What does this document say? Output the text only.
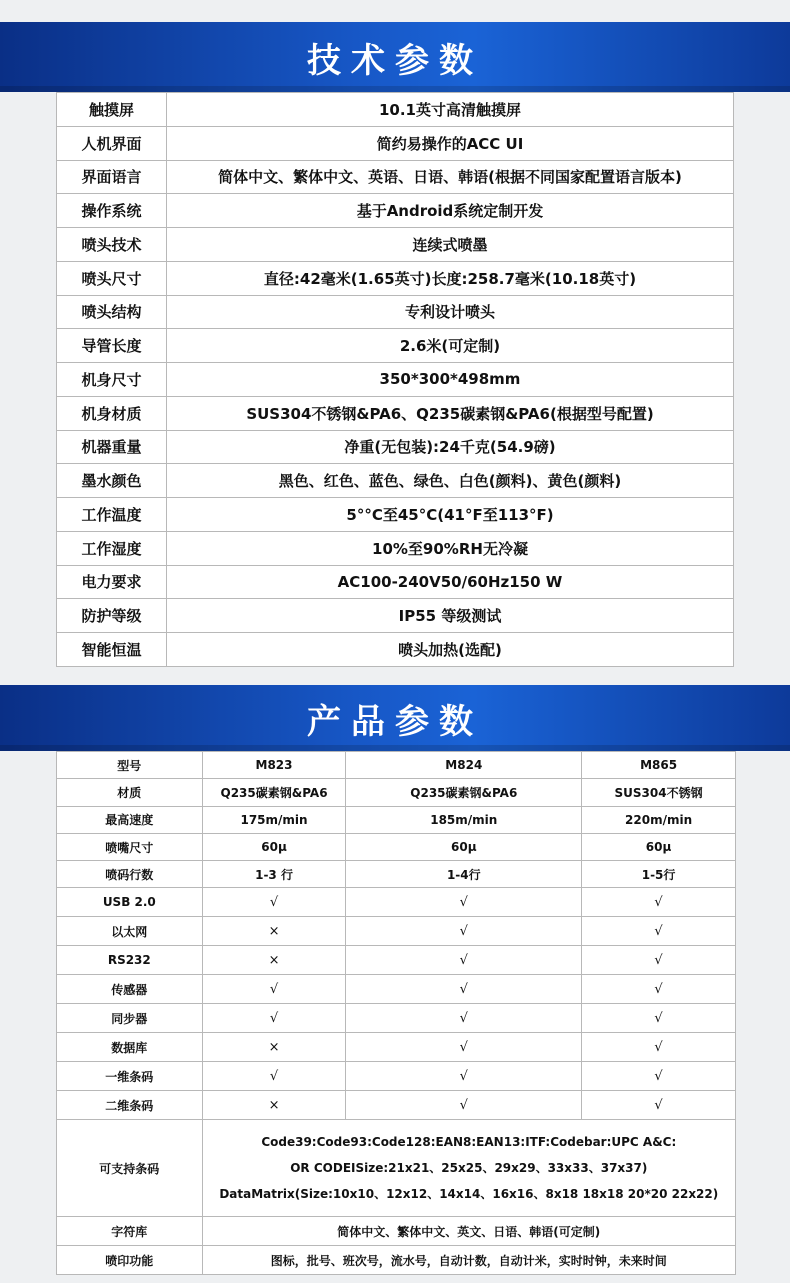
技术参数
触摸屏	10.1英寸高清触摸屏
人机界面	简约易操作的ACC UI
界面语言	简体中文、繁体中文、英语、日语、韩语(根据不同国家配置语言版本)
操作系统	基于Android系统定制开发
喷头技术	连续式喷墨
喷头尺寸	直径:42毫米(1.65英寸)长度:258.7毫米(10.18英寸)
喷头结构	专利设计喷头
导管长度	2.6米(可定制)
机身尺寸	350*300*498mm
机身材质	SUS304不锈钢&PA6、Q235碳素钢&PA6(根据型号配置)
机器重量	净重(无包装):24千克(54.9磅)
墨水颜色	黑色、红色、蓝色、绿色、白色(颜料)、黄色(颜料)
工作温度	5°°C至45°C(41°F至113°F)
工作湿度	10%至90%RH无冷凝
电力要求	AC100-240V50/60Hz150 W
防护等级	IP55 等级测试
智能恒温	喷头加热(选配)
产品参数
型号	M823	M824	M865
材质	Q235碳素钢&PA6	Q235碳素钢&PA6	SUS304不锈钢
最高速度	175m/min	185m/min	220m/min
喷嘴尺寸	60μ	60μ	60μ
喷码行数	1-3 行	1-4行	1-5行
USB 2.0	√	√	√
以太网	×	√	√
RS232	×	√	√
传感器	√	√	√
同步器	√	√	√
数据库	×	√	√
一维条码	√	√	√
二维条码	×	√	√
可支持条码	Code39:Code93:Code128:EAN8:EAN13:ITF:Codebar:UPC A&C:
OR CODEISize:21x21、25x25、29x29、33x33、37x37)
DataMatrix(Size:10x10、12x12、14x14、16x16、8x18 18x18 20*20 22x22)		

字符库	简体中文、繁体中文、英文、日语、韩语(可定制)		
喷印功能	图标，批号、班次号，流水号，自动计数，自动计米，实时时钟，未来时间		
